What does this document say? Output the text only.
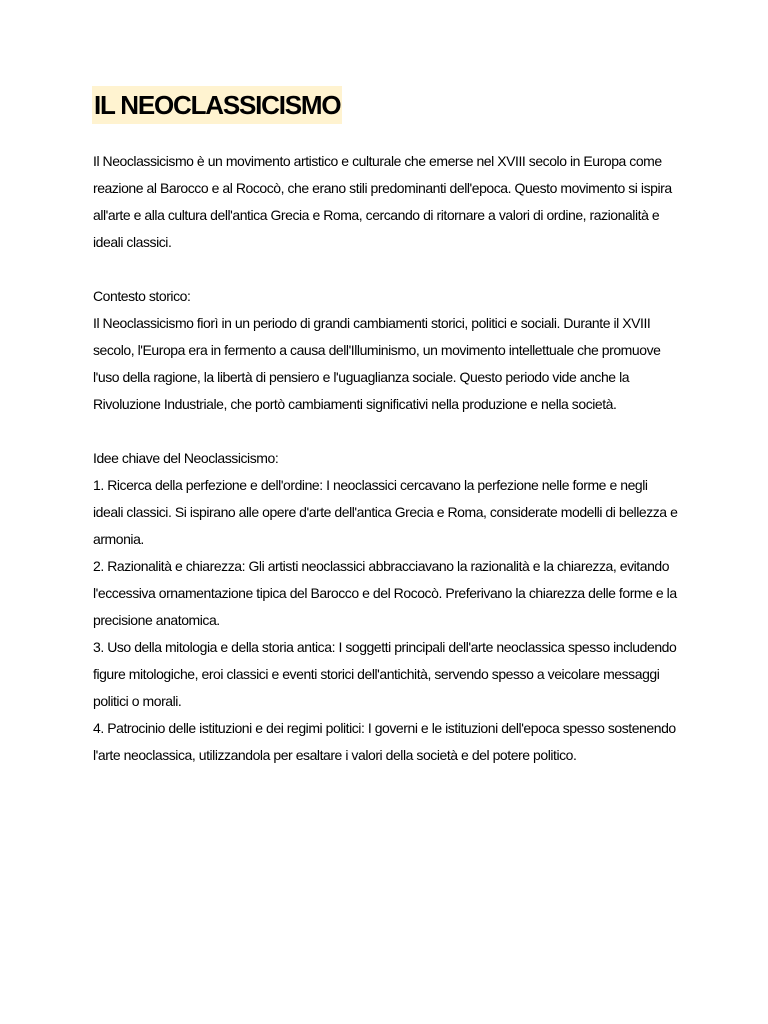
IL NEOCLASSICISMO

Il Neoclassicismo è un movimento artistico e culturale che emerse nel XVIII secolo in Europa come reazione al Barocco e al Rococò, che erano stili predominanti dell'epoca. Questo movimento si ispira all'arte e alla cultura dell'antica Grecia e Roma, cercando di ritornare a valori di ordine, razionalità e ideali classici.

Contesto storico:

Il Neoclassicismo fiorì in un periodo di grandi cambiamenti storici, politici e sociali. Durante il XVIII secolo, l'Europa era in fermento a causa dell'Illuminismo, un movimento intellettuale che promuove l'uso della ragione, la libertà di pensiero e l'uguaglianza sociale. Questo periodo vide anche la Rivoluzione Industriale, che portò cambiamenti significativi nella produzione e nella società.

Idee chiave del Neoclassicismo:

1. Ricerca della perfezione e dell'ordine: I neoclassici cercavano la perfezione nelle forme e negli ideali classici. Si ispirano alle opere d'arte dell'antica Grecia e Roma, considerate modelli di bellezza e armonia.

2. Razionalità e chiarezza: Gli artisti neoclassici abbracciavano la razionalità e la chiarezza, evitando l'eccessiva ornamentazione tipica del Barocco e del Rococò. Preferivano la chiarezza delle forme e la precisione anatomica.

3. Uso della mitologia e della storia antica: I soggetti principali dell'arte neoclassica spesso includendo figure mitologiche, eroi classici e eventi storici dell'antichità, servendo spesso a veicolare messaggi politici o morali.

4. Patrocinio delle istituzioni e dei regimi politici: I governi e le istituzioni dell'epoca spesso sostenendo l'arte neoclassica, utilizzandola per esaltare i valori della società e del potere politico.
